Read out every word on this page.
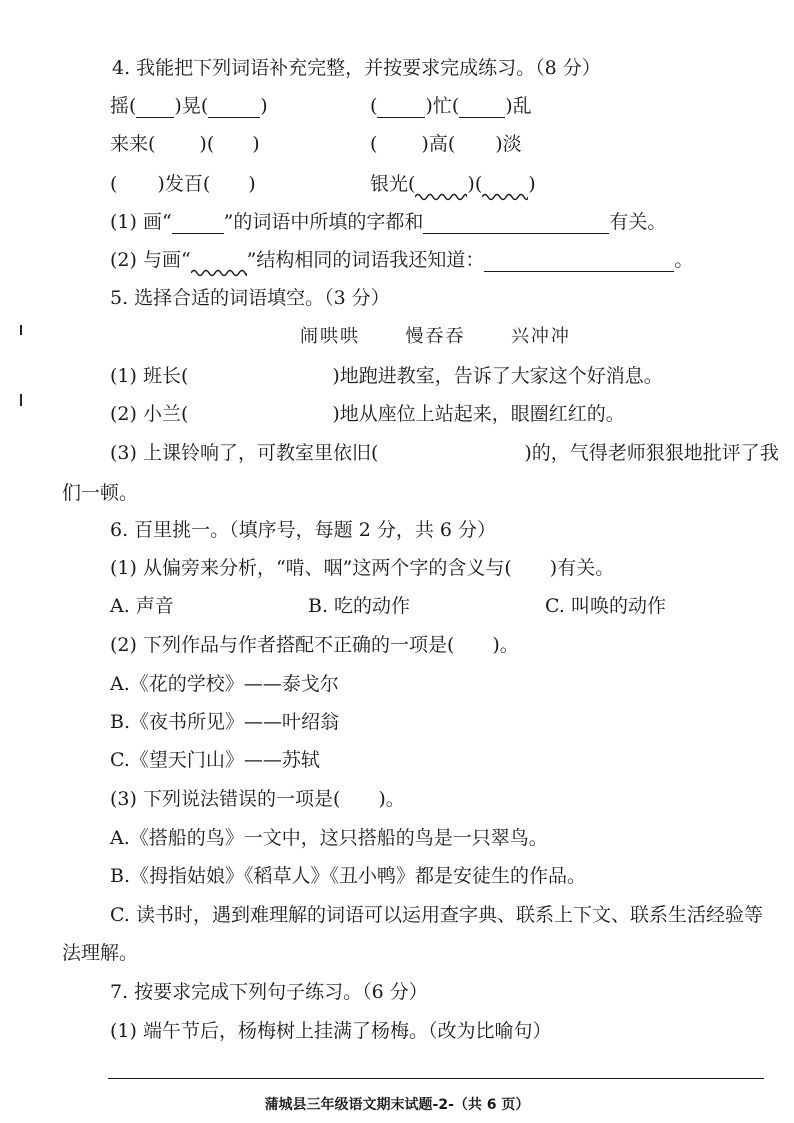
4. 我能把下列词语补充完整，并按要求完成练习。（8 分）
摇( )晃(	)	(	)忙( )乱
来来( )( )	( )高( )淡
( )发百( )	银光(	)( )
(1) 画“	”的词语中所填的字都和	有关。
(2) 与画“	”结构相同的词语我还知道：	。
5. 选择合适的词语填空。（3 分）
闹哄哄	慢吞吞	兴冲冲
(1) 班长(	)地跑进教室，告诉了大家这个好消息。
(2) 小兰(	)地从座位上站起来，眼圈红红的。
(3) 上课铃响了，可教室里依旧(	)的，气得老师狠狠地批评了我
们一顿。
6. 百里挑一。（填序号，每题 2 分，共 6 分）
(1) 从偏旁来分析，“啃、咽”这两个字的含义与(　　)有关。
A. 声音	B. 吃的动作	C. 叫唤的动作
(2) 下列作品与作者搭配不正确的一项是(　　)。
A.《花的学校》——泰戈尔
B.《夜书所见》——叶绍翁
C.《望天门山》——苏轼
(3) 下列说法错误的一项是(　　)。
A.《搭船的鸟》一文中，这只搭船的鸟是一只翠鸟。
B.《拇指姑娘》《稻草人》《丑小鸭》都是安徒生的作品。
C. 读书时，遇到难理解的词语可以运用查字典、联系上下文、联系生活经验等
法理解。
7. 按要求完成下列句子练习。（6 分）
(1) 端午节后，杨梅树上挂满了杨梅。（改为比喻句）
蒲城县三年级语文期末试题-2-（共 6 页）
